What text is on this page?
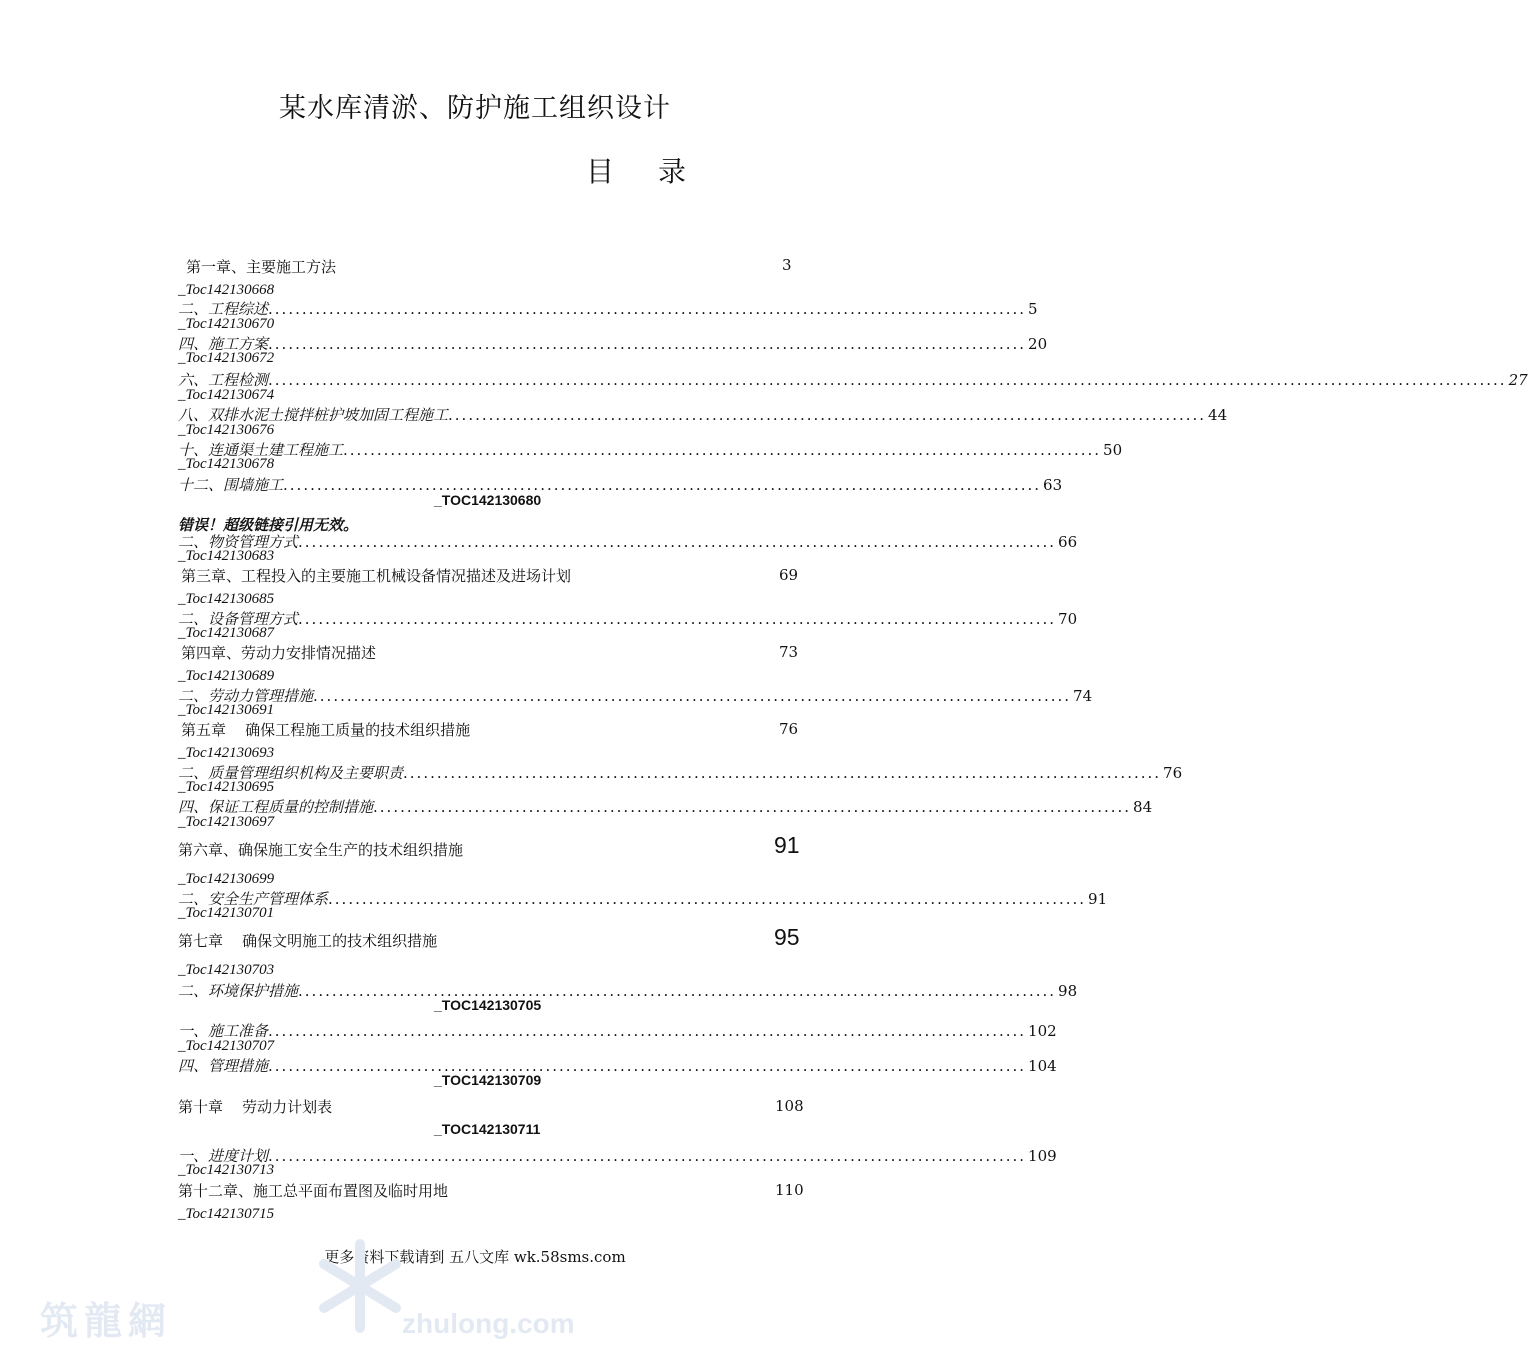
某水库清淤、防护施工组织设计
目 录
第一章、主要施工方法	3
_Toc142130668
二、工程综述 ................................................................................................................ 5
_Toc142130670
四、施工方案 ................................................................................................................ 20
_Toc142130672
六、工程检测 ....................................................................................................................................................................................... 27
_Toc142130674
八、双排水泥土搅拌桩护坡加固工程施工 ................................................................................................................ 44
_Toc142130676
十、连通渠土建工程施工 ................................................................................................................ 50
_Toc142130678
十二、围墙施工 ................................................................................................................ 63
_TOC142130680
错误！超级链接引用无效。
二、物资管理方式 ................................................................................................................ 66
_Toc142130683
第三章、工程投入的主要施工机械设备情况描述及进场计划	69
_Toc142130685
二、设备管理方式 ................................................................................................................ 70
_Toc142130687
第四章、劳动力安排情况描述	73
_Toc142130689
二、劳动力管理措施 ................................................................................................................ 74
_Toc142130691
第五章    确保工程施工质量的技术组织措施	76
_Toc142130693
二、质量管理组织机构及主要职责 ................................................................................................................ 76
_Toc142130695
四、保证工程质量的控制措施 ................................................................................................................ 84
_Toc142130697
第六章、确保施工安全生产的技术组织措施	91
_Toc142130699
二、安全生产管理体系 ................................................................................................................ 91
_Toc142130701
第七章    确保文明施工的技术组织措施	95
_Toc142130703
二、环境保护措施 ................................................................................................................ 98
_TOC142130705
一、施工准备 ................................................................................................................ 102
_Toc142130707
四、管理措施 ................................................................................................................ 104
_TOC142130709
第十章    劳动力计划表	108
_TOC142130711
一、进度计划 ................................................................................................................ 109
_Toc142130713
第十二章、施工总平面布置图及临时用地	110
_Toc142130715
更多资料下载请到 五八文库 wk.58sms.com
筑龍網	zhulong.com
